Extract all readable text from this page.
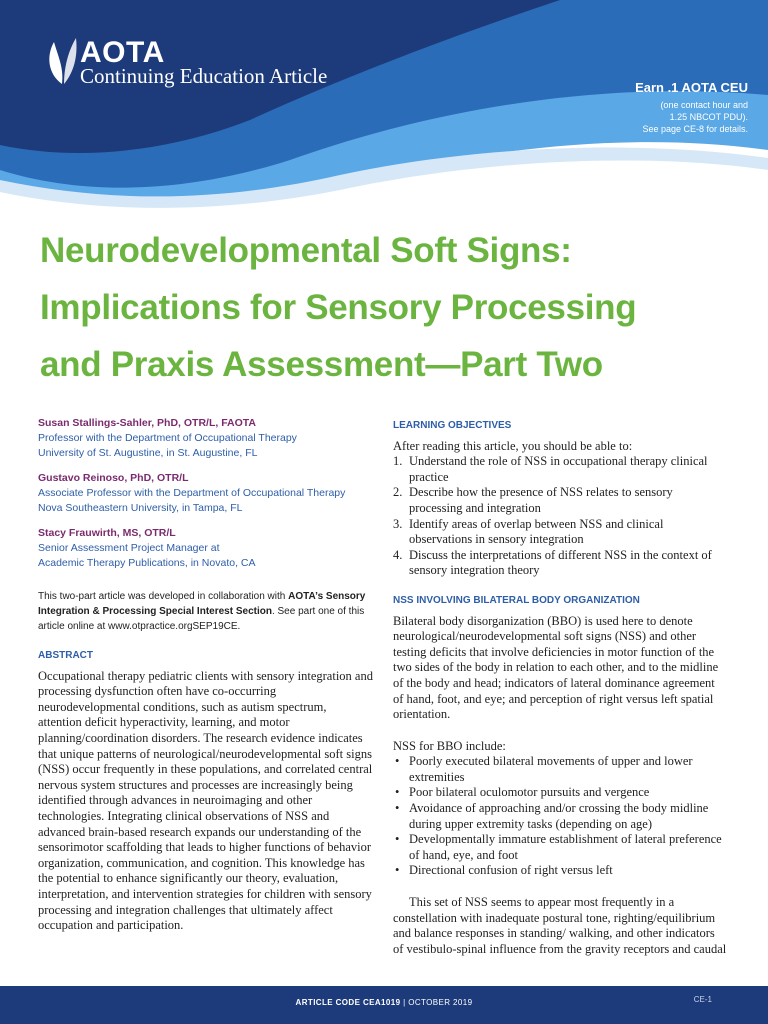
AOTA
Continuing Education Article	Earn .1 AOTA CEU
(one contact hour and
1.25 NBCOT PDU).
See page CE-8 for details.
Neurodevelopmental Soft Signs:
Implications for Sensory Processing
and Praxis Assessment—Part Two
Susan Stallings-Sahler, PhD, OTR/L, FAOTA
Professor with the Department of Occupational Therapy
University of St. Augustine, in St. Augustine, FL
Gustavo Reinoso, PhD, OTR/L
Associate Professor with the Department of Occupational Therapy
Nova Southeastern University, in Tampa, FL
Stacy Frauwirth, MS, OTR/L
Senior Assessment Project Manager at
Academic Therapy Publications, in Novato, CA
This two-part article was developed in collaboration with AOTA’s Sensory Integration & Processing Special Interest Section. See part one of this article online at www.otpractice.orgSEP19CE.
ABSTRACT

Occupational therapy pediatric clients with sensory integration and processing dysfunction often have co-occurring neurodevelopmental conditions, such as autism spectrum, attention deficit hyperactivity, learning, and motor planning/coordination disorders. The research evidence indicates that unique patterns of neurological/neurodevelopmental soft signs (NSS) occur frequently in these populations, and correlated central nervous system structures and processes are increasingly being identified through advances in neuroimaging and other technologies. Integrating clinical observations of NSS and advanced brain-based research expands our understanding of the sensorimotor scaffolding that leads to higher functions of behavior organization, communication, and cognition. This knowledge has the potential to enhance significantly our theory, evaluation, interpretation, and intervention strategies for children with sensory processing and integration challenges that ultimately affect occupation and participation.

LEARNING OBJECTIVES

After reading this article, you should be able to:

1. Understand the role of NSS in occupational therapy clinical practice
2. Describe how the presence of NSS relates to sensory processing and integration
3. Identify areas of overlap between NSS and clinical observations in sensory integration
4. Discuss the interpretations of different NSS in the context of sensory integration theory
NSS INVOLVING BILATERAL BODY ORGANIZATION

Bilateral body disorganization (BBO) is used here to denote neurological/neurodevelopmental soft signs (NSS) and other testing deficits that involve deficiencies in motor function of the two sides of the body in relation to each other, and to the midline of the body and head; indicators of lateral dominance agreement of hand, foot, and eye; and perception of right versus left spatial orientation.

NSS for BBO include:

• Poorly executed bilateral movements of upper and lower extremities
• Poor bilateral oculomotor pursuits and vergence
• Avoidance of approaching and/or crossing the body midline during upper extremity tasks (depending on age)
• Developmentally immature establishment of lateral preference of hand, eye, and foot
• Directional confusion of right versus left

This set of NSS seems to appear most frequently in a constellation with inadequate postural tone, righting/equilibrium and balance responses in standing/ walking, and other indicators of vestibulo-spinal influence from the gravity receptors and caudal

ARTICLE CODE CEA1019 | OCTOBER 2019	CE-1
